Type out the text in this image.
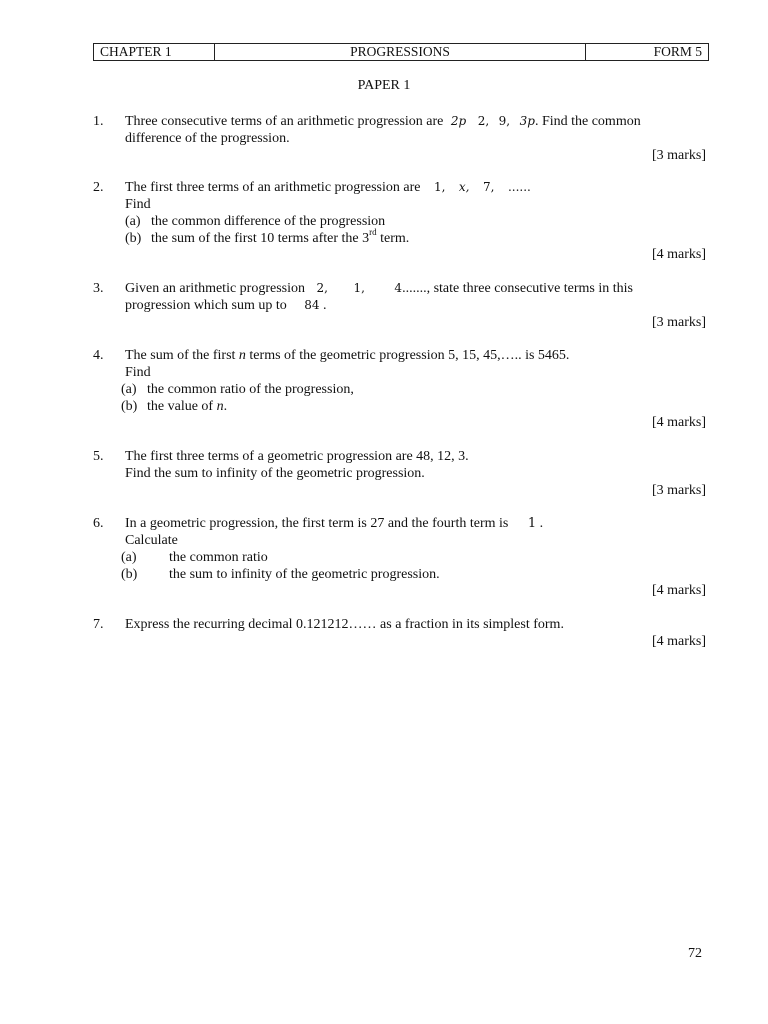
CHAPTER 1	PROGRESSIONS	FORM 5
PAPER 1
1. Three consecutive terms of an arithmetic progression are 2p 2, 9, 3p. Find the common
difference of the progression.
[3 marks]
2. The first three terms of an arithmetic progression are 1, x, 7, ......
Find
(a) the common difference of the progression
(b) the sum of the first 10 terms after the 3rd term.
[4 marks]
3. Given an arithmetic progression 2, 1, 4......., state three consecutive terms in this
progression which sum up to 84 .
[3 marks]
4. The sum of the first n terms of the geometric progression 5, 15, 45,….. is 5465.
Find
(a) the common ratio of the progression,
(b) the value of n.
[4 marks]
5. The first three terms of a geometric progression are 48, 12, 3.
Find the sum to infinity of the geometric progression.
[3 marks]
6. In a geometric progression, the first term is 27 and the fourth term is 1 .
Calculate
(a) the common ratio
(b) the sum to infinity of the geometric progression.
[4 marks]
7. Express the recurring decimal 0.121212…… as a fraction in its simplest form.
[4 marks]
72
